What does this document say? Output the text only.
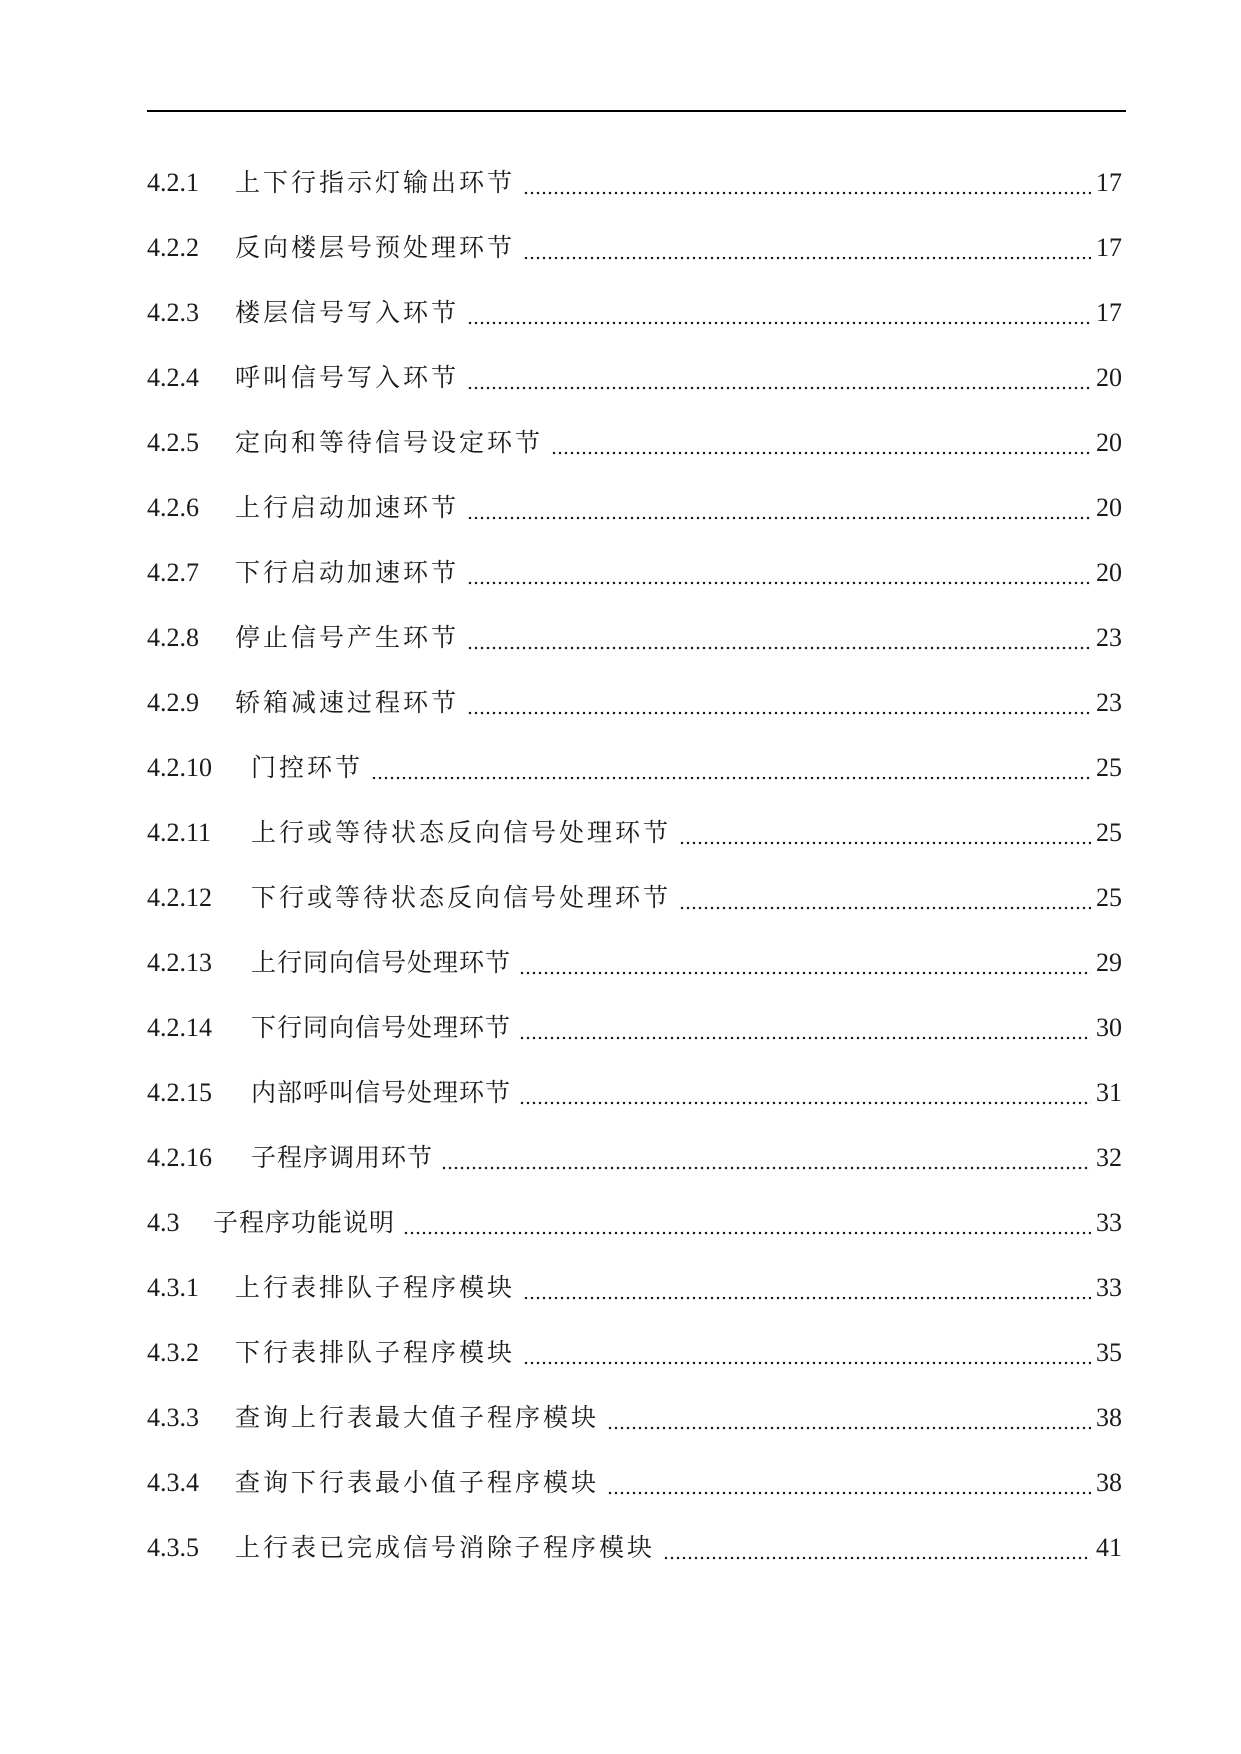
4.2.1	上下行指示灯输出环节	17
4.2.2	反向楼层号预处理环节	17
4.2.3	楼层信号写入环节	17
4.2.4	呼叫信号写入环节	20
4.2.5	定向和等待信号设定环节	20
4.2.6	上行启动加速环节	20
4.2.7	下行启动加速环节	20
4.2.8	停止信号产生环节	23
4.2.9	轿箱减速过程环节	23
4.2.10	门控环节	25
4.2.11	上行或等待状态反向信号处理环节	25
4.2.12	下行或等待状态反向信号处理环节	25
4.2.13	上行同向信号处理环节	29
4.2.14	下行同向信号处理环节	30
4.2.15	内部呼叫信号处理环节	31
4.2.16	子程序调用环节	32
4.3	子程序功能说明	33
4.3.1	上行表排队子程序模块	33
4.3.2	下行表排队子程序模块	35
4.3.3	查询上行表最大值子程序模块	38
4.3.4	查询下行表最小值子程序模块	38
4.3.5	上行表已完成信号消除子程序模块	41
